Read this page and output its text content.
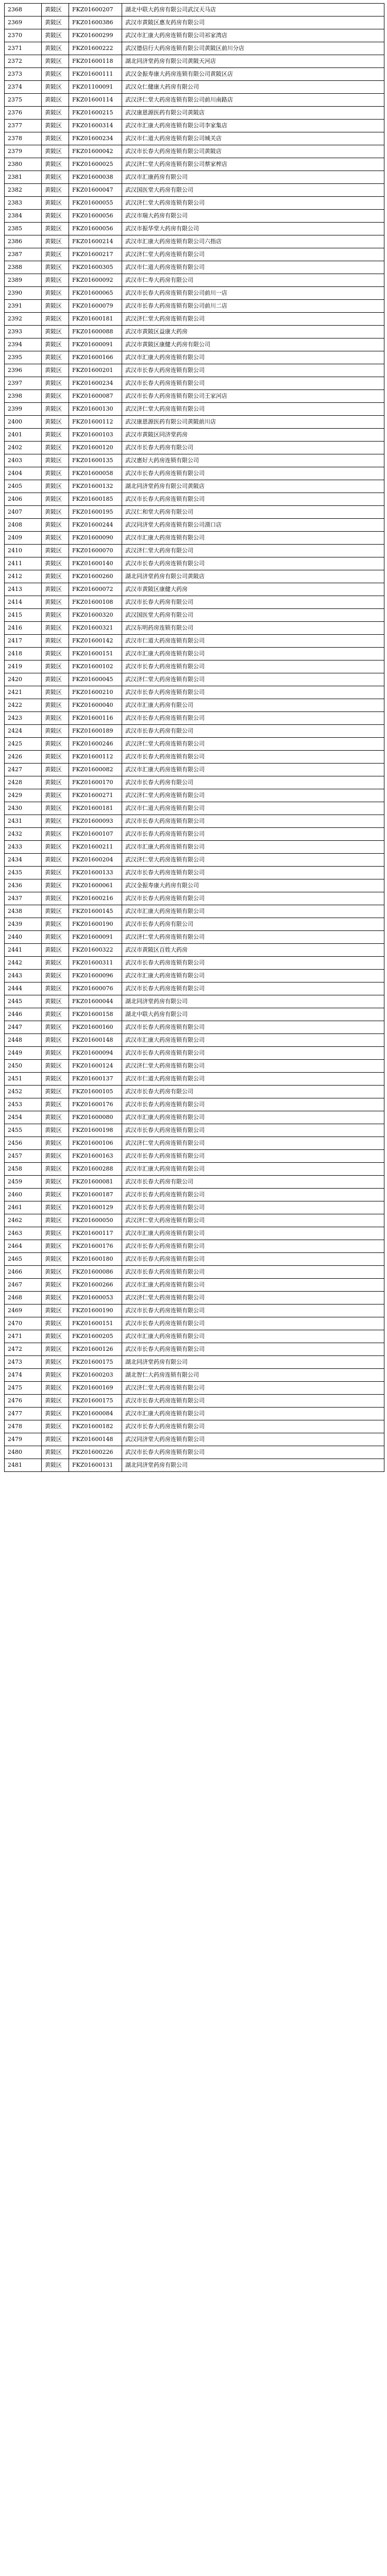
2368	黄陂区	FKZ01600207	湖北中联大药房有限公司武汉天马店
2369	黄陂区	FKZ01600386	武汉市黄陂区惠友药房有限公司
2370	黄陂区	FKZ01600299	武汉市汇康大药房连锁有限公司祁家湾店
2371	黄陂区	FKZ01600222	武汉德信行大药房连锁有限公司黄陂区前川分店
2372	黄陂区	FKZ01600118	湖北同济堂药房有限公司黄陂天河店
2373	黄陂区	FKZ01600111	武汉金振寿康大药房连锁有限公司黄陂区店
2374	黄陂区	FKZ01100091	武汉众仁健康大药房有限公司
2375	黄陂区	FKZ01600114	武汉济仁堂大药房连锁有限公司前川南路店
2376	黄陂区	FKZ01600215	武汉康恩源医药有限公司黄陂店
2377	黄陂区	FKZ01600314	武汉市汇康大药房连锁有限公司李家集店
2378	黄陂区	FKZ01600234	武汉市仁道大药房连锁有限公司城关店
2379	黄陂区	FKZ01600042	武汉市长春大药房连锁有限公司黄陂店
2380	黄陂区	FKZ01600025	武汉济仁堂大药房连锁有限公司蔡家榨店
2381	黄陂区	FKZ01600038	武汉市汇康药房有限公司
2382	黄陂区	FKZ01600047	武汉国医堂大药房有限公司
2383	黄陂区	FKZ01600055	武汉济仁堂大药房连锁有限公司
2384	黄陂区	FKZ01600056	武汉市瑞大药房有限公司
2385	黄陂区	FKZ01600056	武汉市振华堂大药房有限公司
2386	黄陂区	FKZ01600214	武汉市汇康大药房连锁有限公司六指店
2387	黄陂区	FKZ01600217	武汉济仁堂大药房连锁有限公司
2388	黄陂区	FKZ01600305	武汉市仁道大药房连锁有限公司
2389	黄陂区	FKZ01600092	武汉市仁寿大药房有限公司
2390	黄陂区	FKZ01600065	武汉市长春大药房连锁有限公司前川一店
2391	黄陂区	FKZ01600079	武汉市长春大药房连锁有限公司前川二店
2392	黄陂区	FKZ01600181	武汉济仁堂大药房连锁有限公司
2393	黄陂区	FKZ01600088	武汉市黄陂区益康大药房
2394	黄陂区	FKZ01600091	武汉市黄陂区康健大药房有限公司
2395	黄陂区	FKZ01600166	武汉市汇康大药房连锁有限公司
2396	黄陂区	FKZ01600201	武汉市长春大药房连锁有限公司
2397	黄陂区	FKZ01600234	武汉市长春大药房连锁有限公司
2398	黄陂区	FKZ01600087	武汉市长春大药房连锁有限公司王家河店
2399	黄陂区	FKZ01600130	武汉济仁堂大药房连锁有限公司
2400	黄陂区	FKZ01600112	武汉康恩源医药有限公司黄陂前川店
2401	黄陂区	FKZ01600103	武汉市黄陂区同济堂药房
2402	黄陂区	FKZ01600120	武汉市长春大药房有限公司
2403	黄陂区	FKZ01600135	武汉惠好大药房连锁有限公司
2404	黄陂区	FKZ01600058	武汉市长春大药房连锁有限公司
2405	黄陂区	FKZ01600132	湖北同济堂药房有限公司黄陂店
2406	黄陂区	FKZ01600185	武汉市长春大药房连锁有限公司
2407	黄陂区	FKZ01600195	武汉仁和堂大药房有限公司
2408	黄陂区	FKZ01600244	武汉同济堂大药房连锁有限公司滠口店
2409	黄陂区	FKZ01600090	武汉市汇康大药房连锁有限公司
2410	黄陂区	FKZ01600070	武汉济仁堂大药房有限公司
2411	黄陂区	FKZ01600140	武汉市长春大药房连锁有限公司
2412	黄陂区	FKZ01600260	湖北同济堂药房有限公司黄陂店
2413	黄陂区	FKZ01600072	武汉市黄陂区康健大药房
2414	黄陂区	FKZ01600108	武汉市长春大药房有限公司
2415	黄陂区	FKZ01600320	武汉国医堂大药房有限公司
2416	黄陂区	FKZ01600321	武汉东明药房连锁有限公司
2417	黄陂区	FKZ01600142	武汉市仁道大药房连锁有限公司
2418	黄陂区	FKZ01600151	武汉市汇康大药房连锁有限公司
2419	黄陂区	FKZ01600102	武汉市长春大药房连锁有限公司
2420	黄陂区	FKZ01600045	武汉济仁堂大药房连锁有限公司
2421	黄陂区	FKZ01600210	武汉市长春大药房连锁有限公司
2422	黄陂区	FKZ01600040	武汉市汇康大药房有限公司
2423	黄陂区	FKZ01600116	武汉市长春大药房连锁有限公司
2424	黄陂区	FKZ01600189	武汉市长春大药房有限公司
2425	黄陂区	FKZ01600246	武汉济仁堂大药房连锁有限公司
2426	黄陂区	FKZ01600112	武汉市长春大药房连锁有限公司
2427	黄陂区	FKZ01600082	武汉市汇康大药房连锁有限公司
2428	黄陂区	FKZ01600170	武汉市长春大药房有限公司
2429	黄陂区	FKZ01600271	武汉济仁堂大药房连锁有限公司
2430	黄陂区	FKZ01600181	武汉市仁道大药房连锁有限公司
2431	黄陂区	FKZ01600093	武汉市长春大药房连锁有限公司
2432	黄陂区	FKZ01600107	武汉市长春大药房连锁有限公司
2433	黄陂区	FKZ01600211	武汉市汇康大药房连锁有限公司
2434	黄陂区	FKZ01600204	武汉济仁堂大药房连锁有限公司
2435	黄陂区	FKZ01600133	武汉市长春大药房连锁有限公司
2436	黄陂区	FKZ01600061	武汉金振寿康大药房有限公司
2437	黄陂区	FKZ01600216	武汉市长春大药房连锁有限公司
2438	黄陂区	FKZ01600145	武汉市汇康大药房连锁有限公司
2439	黄陂区	FKZ01600190	武汉市长春大药房有限公司
2440	黄陂区	FKZ01600091	武汉济仁堂大药房连锁有限公司
2441	黄陂区	FKZ01600322	武汉市黄陂区百姓大药房
2442	黄陂区	FKZ01600311	武汉市长春大药房连锁有限公司
2443	黄陂区	FKZ01600096	武汉市汇康大药房连锁有限公司
2444	黄陂区	FKZ01600076	武汉市长春大药房连锁有限公司
2445	黄陂区	FKZ01600044	湖北同济堂药房有限公司
2446	黄陂区	FKZ01600158	湖北中联大药房有限公司
2447	黄陂区	FKZ01600160	武汉市长春大药房连锁有限公司
2448	黄陂区	FKZ01600148	武汉市汇康大药房连锁有限公司
2449	黄陂区	FKZ01600094	武汉市长春大药房连锁有限公司
2450	黄陂区	FKZ01600124	武汉济仁堂大药房连锁有限公司
2451	黄陂区	FKZ01600137	武汉市仁道大药房连锁有限公司
2452	黄陂区	FKZ01600105	武汉市长春大药房有限公司
2453	黄陂区	FKZ01600176	武汉市长春大药房连锁有限公司
2454	黄陂区	FKZ01600080	武汉市汇康大药房连锁有限公司
2455	黄陂区	FKZ01600198	武汉市长春大药房连锁有限公司
2456	黄陂区	FKZ01600106	武汉济仁堂大药房连锁有限公司
2457	黄陂区	FKZ01600163	武汉市长春大药房连锁有限公司
2458	黄陂区	FKZ01600288	武汉市汇康大药房连锁有限公司
2459	黄陂区	FKZ01600081	武汉市长春大药房有限公司
2460	黄陂区	FKZ01600187	武汉市长春大药房连锁有限公司
2461	黄陂区	FKZ01600129	武汉市长春大药房连锁有限公司
2462	黄陂区	FKZ01600050	武汉济仁堂大药房连锁有限公司
2463	黄陂区	FKZ01600117	武汉市汇康大药房连锁有限公司
2464	黄陂区	FKZ01600176	武汉市长春大药房连锁有限公司
2465	黄陂区	FKZ01600180	武汉市长春大药房连锁有限公司
2466	黄陂区	FKZ01600086	武汉市长春大药房连锁有限公司
2467	黄陂区	FKZ01600266	武汉市汇康大药房连锁有限公司
2468	黄陂区	FKZ01600053	武汉济仁堂大药房连锁有限公司
2469	黄陂区	FKZ01600190	武汉市长春大药房连锁有限公司
2470	黄陂区	FKZ01600151	武汉市长春大药房连锁有限公司
2471	黄陂区	FKZ01600205	武汉市汇康大药房连锁有限公司
2472	黄陂区	FKZ01600126	武汉市长春大药房连锁有限公司
2473	黄陂区	FKZ01600175	湖北同济堂药房有限公司
2474	黄陂区	FKZ01600203	湖北智仁大药房连锁有限公司
2475	黄陂区	FKZ01600169	武汉济仁堂大药房连锁有限公司
2476	黄陂区	FKZ01600175	武汉市长春大药房连锁有限公司
2477	黄陂区	FKZ01600084	武汉市汇康大药房连锁有限公司
2478	黄陂区	FKZ01600182	武汉市长春大药房连锁有限公司
2479	黄陂区	FKZ01600148	武汉同济堂大药房连锁有限公司
2480	黄陂区	FKZ01600226	武汉市长春大药房连锁有限公司
2481	黄陂区	FKZ01600131	湖北同济堂药房有限公司
